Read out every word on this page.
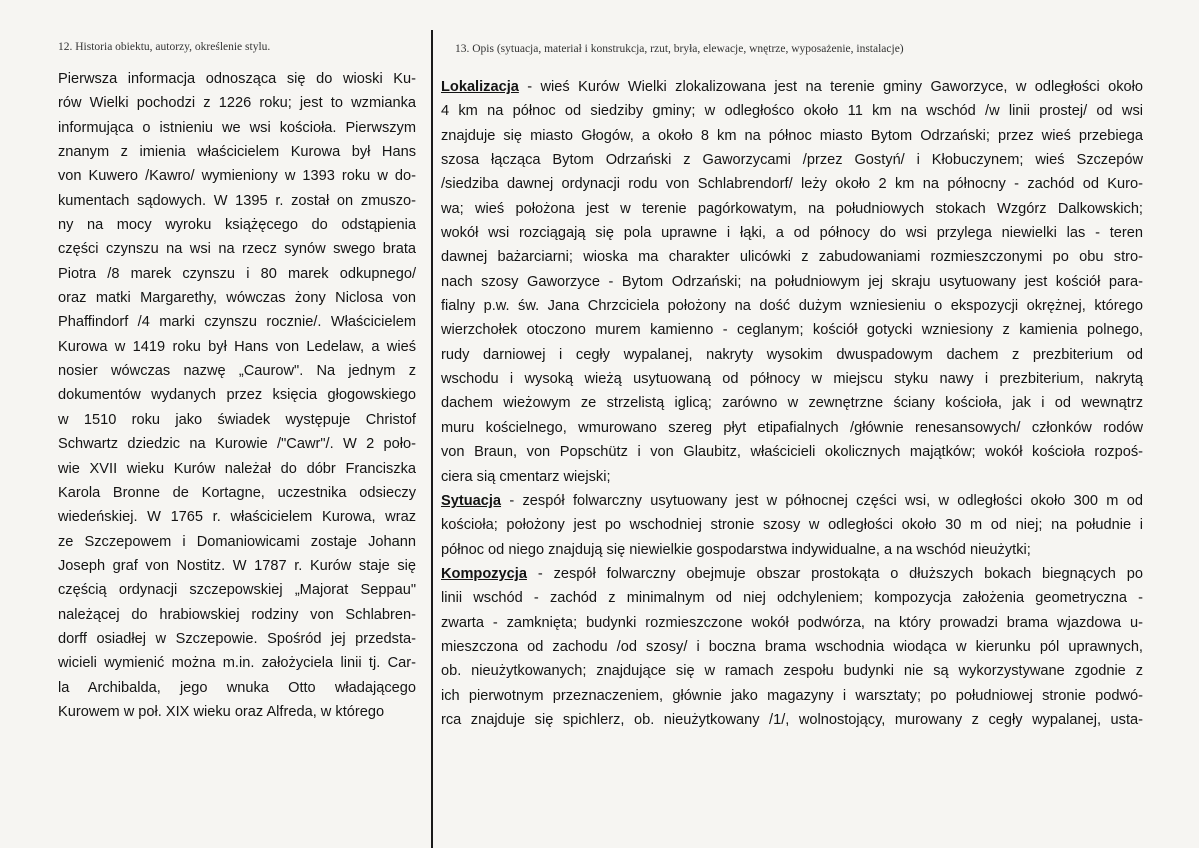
12. Historia obiektu, autorzy, określenie stylu.
Pierwsza informacja odnosząca się do wioski Ku-
rów Wielki pochodzi z 1226 roku; jest to wzmianka
informująca o istnieniu we wsi kościoła. Pierwszym
znanym z imienia właścicielem Kurowa był Hans
von Kuwero /Kawro/ wymieniony w 1393 roku w do-
kumentach sądowych. W 1395 r. został on zmuszo-
ny na mocy wyroku książęcego do odstąpienia
części czynszu na wsi na rzecz synów swego brata
Piotra /8 marek czynszu i 80 marek odkupnego/
oraz matki Margarethy, wówczas żony Niclosa von
Phaffindorf /4 marki czynszu rocznie/. Właścicielem
Kurowa w 1419 roku był Hans von Ledelaw, a wieś
nosier wówczas nazwę „Caurow". Na jednym z
dokumentów wydanych przez księcia głogowskiego
w 1510 roku jako świadek występuje Christof
Schwartz dziedzic na Kurowie /"Cawr"/. W 2 poło-
wie XVII wieku Kurów należał do dóbr Franciszka
Karola Bronne de Kortagne, uczestnika odsieczy
wiedeńskiej. W 1765 r. właścicielem Kurowa, wraz
ze Szczepowem i Domaniowicami zostaje Johann
Joseph graf von Nostitz. W 1787 r. Kurów staje się
częścią ordynacji szczepowskiej „Majorat Seppau"
należącej do hrabiowskiej rodziny von Schlabren-
dorff osiadłej w Szczepowie. Spośród jej przedsta-
wicieli wymienić można m.in. założyciela linii tj. Car-
la Archibalda, jego wnuka Otto władającego
Kurowem w poł. XIX wieku oraz Alfreda, w którego
13. Opis (sytuacja, materiał i konstrukcja, rzut, bryła, elewacje, wnętrze, wyposażenie, instalacje)
Lokalizacja - wieś Kurów Wielki zlokalizowana jest na terenie gminy Gaworzyce, w odległości około
4 km na północ od siedziby gminy; w odległośco około 11 km na wschód /w linii prostej/ od wsi
znajduje się miasto Głogów, a około 8 km na północ miasto Bytom Odrzański; przez wieś przebiega
szosa łącząca Bytom Odrzański z Gaworzycami /przez Gostyń/ i Kłobuczynem; wieś Szczepów
/siedziba dawnej ordynacji rodu von Schlabrendorf/ leży około 2 km na północny - zachód od Kuro-
wa; wieś położona jest w terenie pagórkowatym, na południowych stokach Wzgórz Dalkowskich;
wokół wsi rozciągają się pola uprawne i łąki, a od północy do wsi przylega niewielki las - teren
dawnej bażarciarni; wioska ma charakter ulicówki z zabudowaniami rozmieszczonymi po obu stro-
nach szosy Gaworzyce - Bytom Odrzański; na południowym jej skraju usytuowany jest kościół para-
fialny p.w. św. Jana Chrzciciela położony na dość dużym wzniesieniu o ekspozycji okrężnej, którego
wierzchołek otoczono murem kamienno - ceglanym; kościół gotycki wzniesiony z kamienia polnego,
rudy darniowej i cegły wypalanej, nakryty wysokim dwuspadowym dachem z prezbiterium od
wschodu i wysoką wieżą usytuowaną od północy w miejscu styku nawy i prezbiterium, nakrytą
dachem wieżowym ze strzelistą iglicą; zarówno w zewnętrzne ściany kościoła, jak i od wewnątrz
muru kościelnego, wmurowano szereg płyt etipafialnych /głównie renesansowych/ członków rodów
von Braun, von Popschütz i von Glaubitz, właścicieli okolicznych majątków; wokół kościoła rozpoś-
ciera sią cmentarz wiejski;
Sytuacja - zespół folwarczny usytuowany jest w północnej części wsi, w odległości około 300 m od
kościoła; położony jest po wschodniej stronie szosy w odległości około 30 m od niej; na południe i
północ od niego znajdują się niewielkie gospodarstwa indywidualne, a na wschód nieużytki;
Kompozycja - zespół folwarczny obejmuje obszar prostokąta o dłuższych bokach biegnących po
linii wschód - zachód z minimalnym od niej odchyleniem; kompozycja założenia geometryczna -
zwarta - zamknięta; budynki rozmieszczone wokół podwórza, na który prowadzi brama wjazdowa u-
mieszczona od zachodu /od szosy/ i boczna brama wschodnia wiodąca w kierunku pól uprawnych,
ob. nieużytkowanych; znajdujące się w ramach zespołu budynki nie są wykorzystywane zgodnie z
ich pierwotnym przeznaczeniem, głównie jako magazyny i warsztaty; po południowej stronie podwó-
rca znajduje się spichlerz, ob. nieużytkowany /1/, wolnostojący, murowany z cegły wypalanej, usta-
